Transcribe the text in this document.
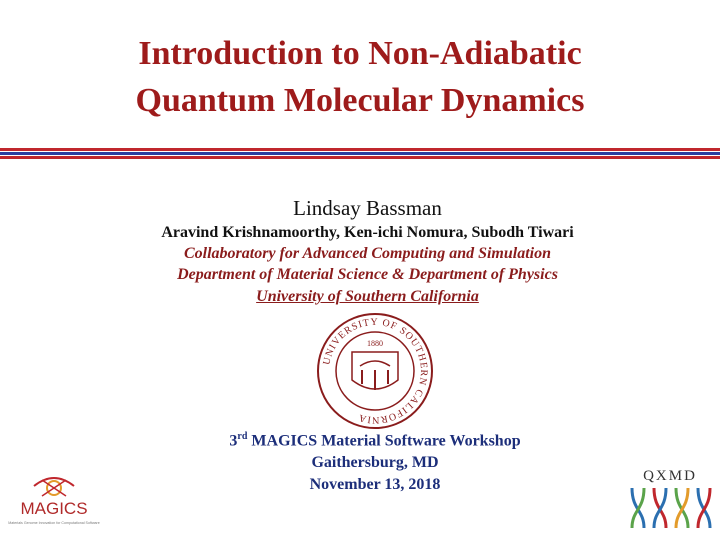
Introduction to Non-Adiabatic
Quantum Molecular Dynamics
Lindsay Bassman
Aravind Krishnamoorthy, Ken-ichi Nomura, Subodh Tiwari
Collaboratory for Advanced Computing and Simulation
Department of Material Science & Department of Physics
University of Southern California
UNIVERSITY OF SOUTHERN CALIFORNIA
1880
3rd MAGICS Material Software Workshop
Gaithersburg, MD
November 13, 2018
MAGICS
Materials Genome Innovation for Computational Software
QXMD
